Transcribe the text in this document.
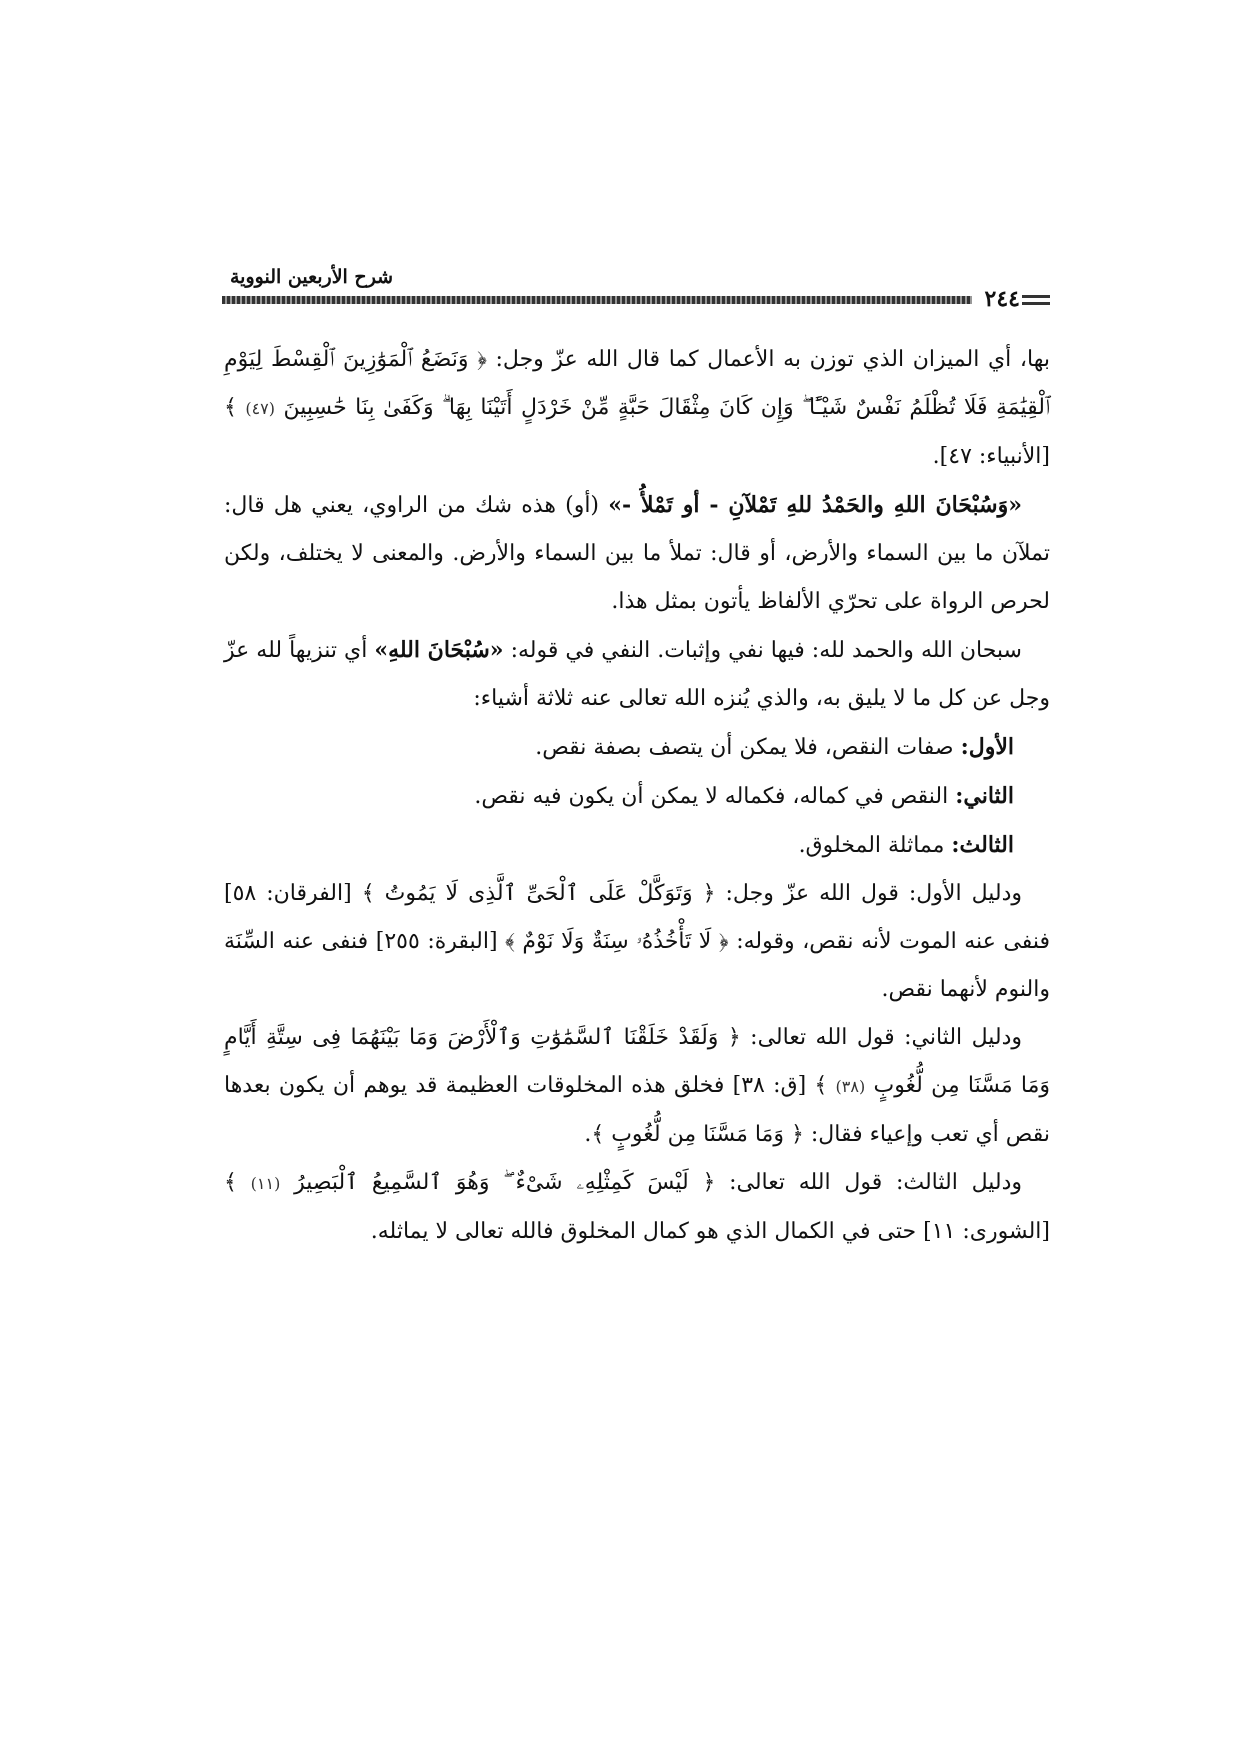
شرح الأربعين النووية
٢٤٤

بها، أي الميزان الذي توزن به الأعمال كما قال الله عزّ وجل: ﴿ وَنَضَعُ ٱلْمَوَٰزِينَ ٱلْقِسْطَ لِيَوْمِ ٱلْقِيَٰمَةِ فَلَا تُظْلَمُ نَفْسٌ شَيْـًٔا ۖ وَإِن كَانَ مِثْقَالَ حَبَّةٍ مِّنْ خَرْدَلٍ أَتَيْنَا بِهَا ۗ وَكَفَىٰ بِنَا حَٰسِبِينَ (٤٧) ﴾ [الأنبياء: ٤٧].

«وَسُبْحَانَ اللهِ والحَمْدُ للهِ تَمْلآنِ - أو تَمْلأُ -» (أو) هذه شك من الراوي، يعني هل قال: تملآن ما بين السماء والأرض، أو قال: تملأ ما بين السماء والأرض. والمعنى لا يختلف، ولكن لحرص الرواة على تحرّي الألفاظ يأتون بمثل هذا.

سبحان الله والحمد لله: فيها نفي وإثبات. النفي في قوله: «سُبْحَانَ اللهِ» أي تنزيهاً لله عزّ وجل عن كل ما لا يليق به، والذي يُنزه الله تعالى عنه ثلاثة أشياء:

الأول: صفات النقص، فلا يمكن أن يتصف بصفة نقص.

الثاني: النقص في كماله، فكماله لا يمكن أن يكون فيه نقص.

الثالث: مماثلة المخلوق.

ودليل الأول: قول الله عزّ وجل: ﴿ وَتَوَكَّلْ عَلَى ٱلْحَىِّ ٱلَّذِى لَا يَمُوتُ ﴾ [الفرقان: ٥٨] فنفى عنه الموت لأنه نقص، وقوله: ﴿ لَا تَأْخُذُهُۥ سِنَةٌ وَلَا نَوْمٌ ﴾ [البقرة: ٢٥٥] فنفى عنه السِّنَة والنوم لأنهما نقص.

ودليل الثاني: قول الله تعالى: ﴿ وَلَقَدْ خَلَقْنَا ٱلسَّمَٰوَٰتِ وَٱلْأَرْضَ وَمَا بَيْنَهُمَا فِى سِتَّةِ أَيَّامٍ وَمَا مَسَّنَا مِن لُّغُوبٍ (٣٨) ﴾ [ق: ٣٨] فخلق هذه المخلوقات العظيمة قد يوهم أن يكون بعدها نقص أي تعب وإعياء فقال: ﴿ وَمَا مَسَّنَا مِن لُّغُوبٍ ﴾.

ودليل الثالث: قول الله تعالى: ﴿ لَيْسَ كَمِثْلِهِۦ شَىْءٌ ۖ وَهُوَ ٱلسَّمِيعُ ٱلْبَصِيرُ (١١) ﴾ [الشورى: ١١] حتى في الكمال الذي هو كمال المخلوق فالله تعالى لا يماثله.
